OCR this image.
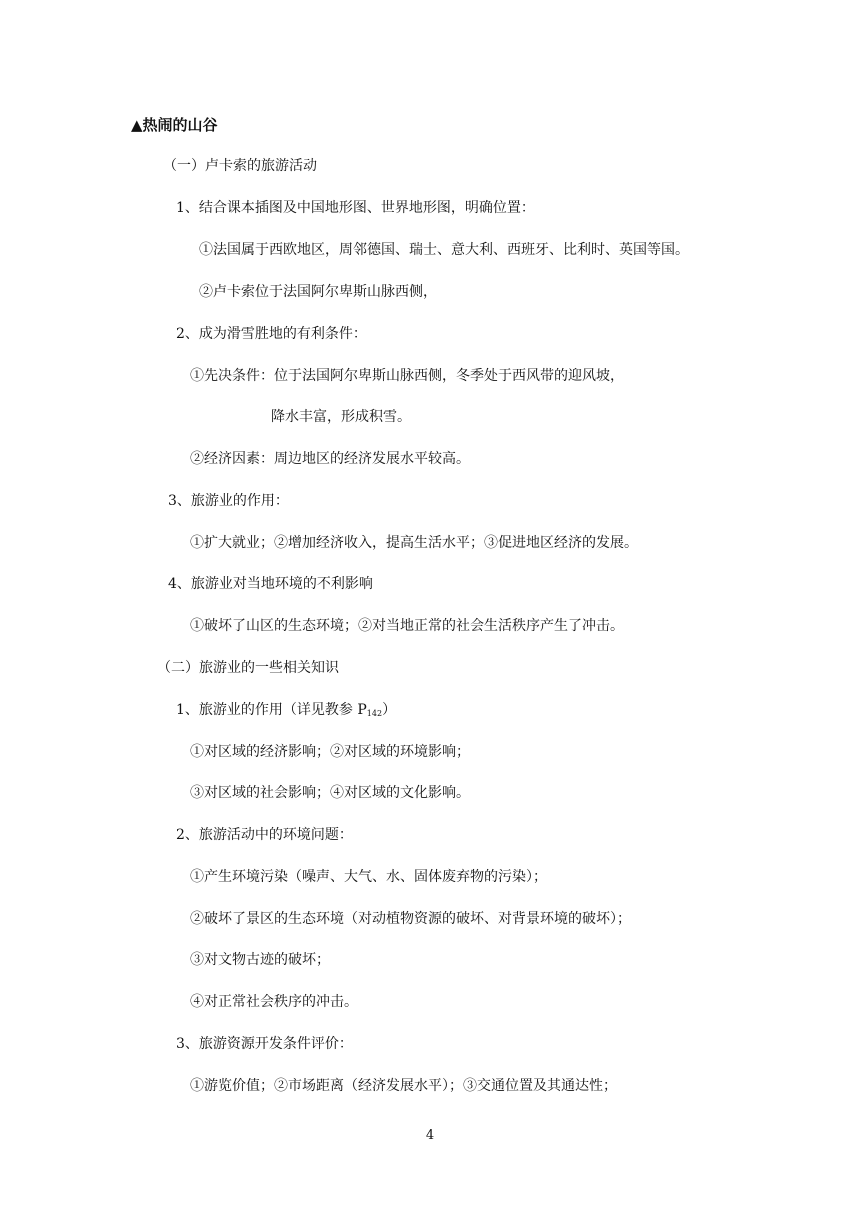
▲热闹的山谷
（一）卢卡索的旅游活动
1、结合课本插图及中国地形图、世界地形图，明确位置：
①法国属于西欧地区，周邻德国、瑞士、意大利、西班牙、比利时、英国等国。
②卢卡索位于法国阿尔卑斯山脉西侧，
2、成为滑雪胜地的有利条件：
①先决条件：位于法国阿尔卑斯山脉西侧，冬季处于西风带的迎风坡，
降水丰富，形成积雪。
②经济因素：周边地区的经济发展水平较高。
3、旅游业的作用：
①扩大就业；②增加经济收入，提高生活水平；③促进地区经济的发展。
4、旅游业对当地环境的不利影响
①破坏了山区的生态环境；②对当地正常的社会生活秩序产生了冲击。
（二）旅游业的一些相关知识
1、旅游业的作用（详见教参 $P_{142}$）
①对区域的经济影响；②对区域的环境影响；
③对区域的社会影响；④对区域的文化影响。
2、旅游活动中的环境问题：
①产生环境污染（噪声、大气、水、固体废弃物的污染）；
②破坏了景区的生态环境（对动植物资源的破坏、对背景环境的破坏）；
③对文物古迹的破坏；
④对正常社会秩序的冲击。
3、旅游资源开发条件评价：
①游览价值；②市场距离（经济发展水平）；③交通位置及其通达性；
4
